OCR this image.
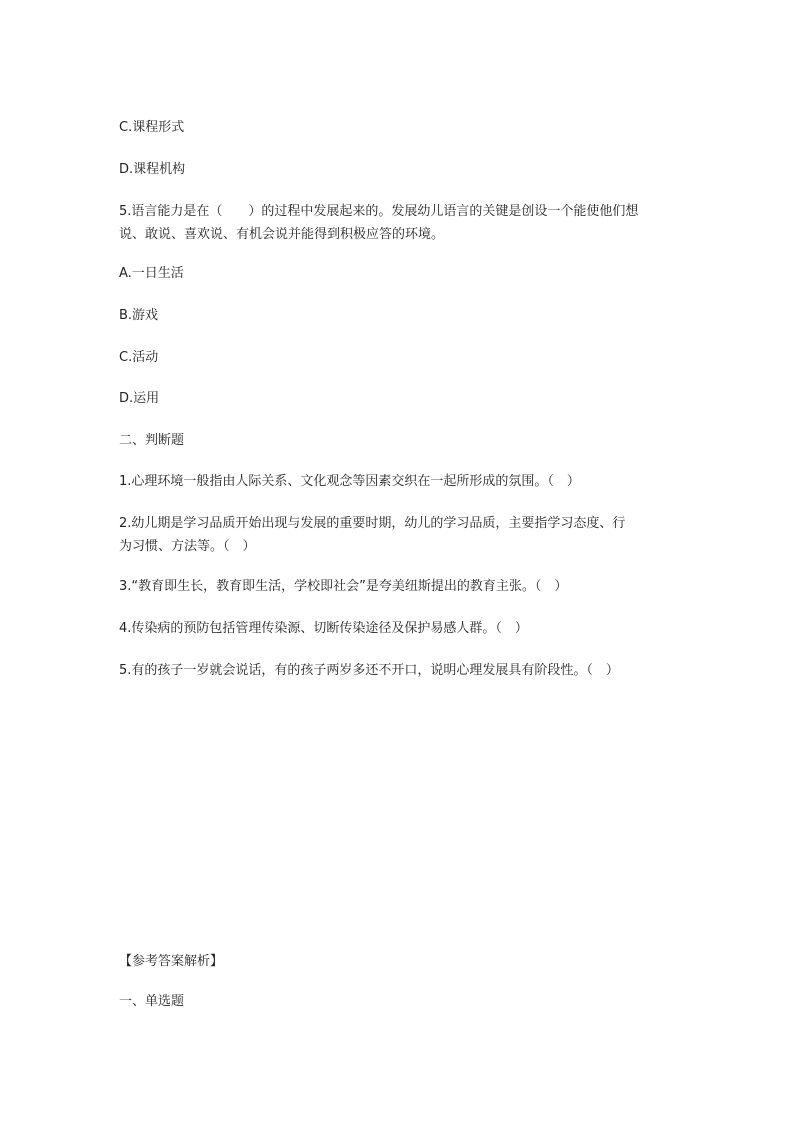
C.课程形式
D.课程机构
5.语言能力是在（　　）的过程中发展起来的。发展幼儿语言的关键是创设一个能使他们想
说、敢说、喜欢说、有机会说并能得到积极应答的环境。
A.一日生活
B.游戏
C.活动
D.运用
二、判断题
1.心理环境一般指由人际关系、文化观念等因素交织在一起所形成的氛围。（　）
2.幼儿期是学习品质开始出现与发展的重要时期，幼儿的学习品质，主要指学习态度、行
为习惯、方法等。（　）
3.“教育即生长，教育即生活，学校即社会”是夸美纽斯提出的教育主张。（　）
4.传染病的预防包括管理传染源、切断传染途径及保护易感人群。（　）
5.有的孩子一岁就会说话，有的孩子两岁多还不开口，说明心理发展具有阶段性。（　）
【参考答案解析】
一、单选题
